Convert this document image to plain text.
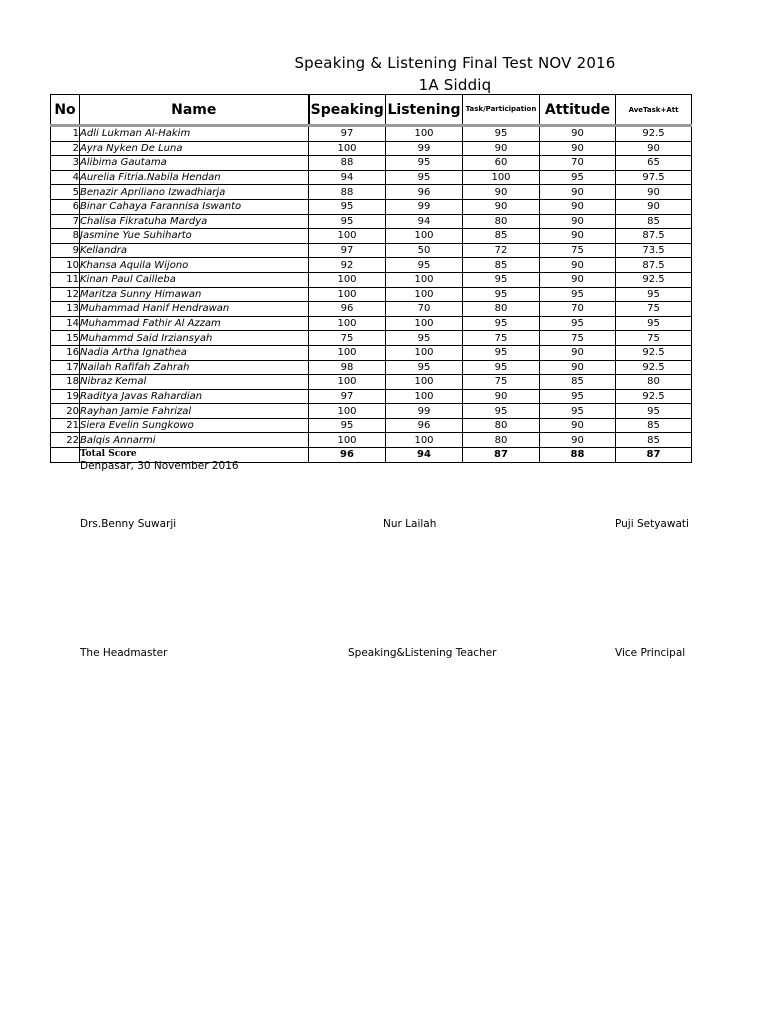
Speaking & Listening Final Test NOV 2016
1A Siddiq
No	Name	Speaking	Listening	Task/Participation	Attitude	AveTask+Att
1	Adli Lukman Al-Hakim	97	100	95	90	92.5
2	Ayra Nyken De Luna	100	99	90	90	90
3	Alibima Gautama	88	95	60	70	65
4	Aurelia Fitria.Nabila Hendan	94	95	100	95	97.5
5	Benazir Apriliano Izwadhiarja	88	96	90	90	90
6	Binar Cahaya Farannisa Iswanto	95	99	90	90	90
7	Chalisa Fikratuha Mardya	95	94	80	90	85
8	Jasmine Yue Suhiharto	100	100	85	90	87.5
9	Kellandra	97	50	72	75	73.5
10	Khansa Aquila Wijono	92	95	85	90	87.5
11	Kinan Paul Cailleba	100	100	95	90	92.5
12	Maritza Sunny Himawan	100	100	95	95	95
13	Muhammad Hanif Hendrawan	96	70	80	70	75
14	Muhammad Fathir Al Azzam	100	100	95	95	95
15	Muhammd Said Irziansyah	75	95	75	75	75
16	Nadia Artha Ignathea	100	100	95	90	92.5
17	Nailah Rafifah Zahrah	98	95	95	90	92.5
18	Nibraz Kemal	100	100	75	85	80
19	Raditya Javas Rahardian	97	100	90	95	92.5
20	Rayhan Jamie Fahrizal	100	99	95	95	95
21	Siera Evelin Sungkowo	95	96	80	90	85
22	Balqis Annarmi	100	100	80	90	85
	Total Score	96	94	87	88	87
Denpasar, 30 November 2016
Drs.Benny Suwarji	Nur Lailah	Puji Setyawati
The Headmaster	Speaking&Listening Teacher	Vice Principal
